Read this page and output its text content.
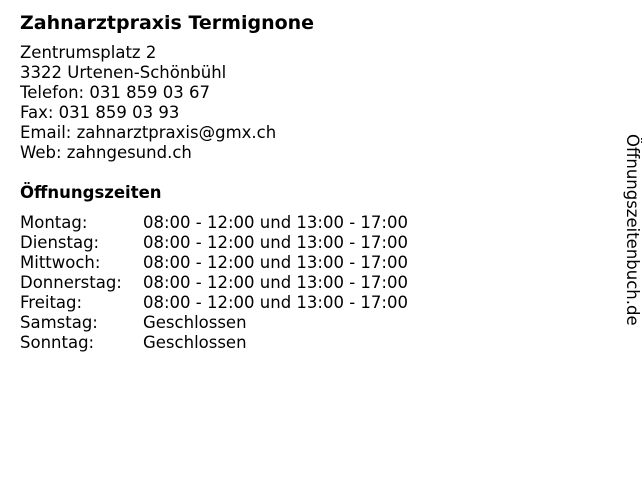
Zahnarztpraxis Termignone
Zentrumsplatz 2
3322 Urtenen-Schönbühl
Telefon: 031 859 03 67
Fax: 031 859 03 93
Email: zahnarztpraxis@gmx.ch
Web: zahngesund.ch
Öffnungszeiten
Montag:	08:00 - 12:00 und 13:00 - 17:00
Dienstag:	08:00 - 12:00 und 13:00 - 17:00
Mittwoch:	08:00 - 12:00 und 13:00 - 17:00
Donnerstag:	08:00 - 12:00 und 13:00 - 17:00
Freitag:	08:00 - 12:00 und 13:00 - 17:00
Samstag:	Geschlossen
Sonntag:	Geschlossen
Öffnungszeitenbuch.de
